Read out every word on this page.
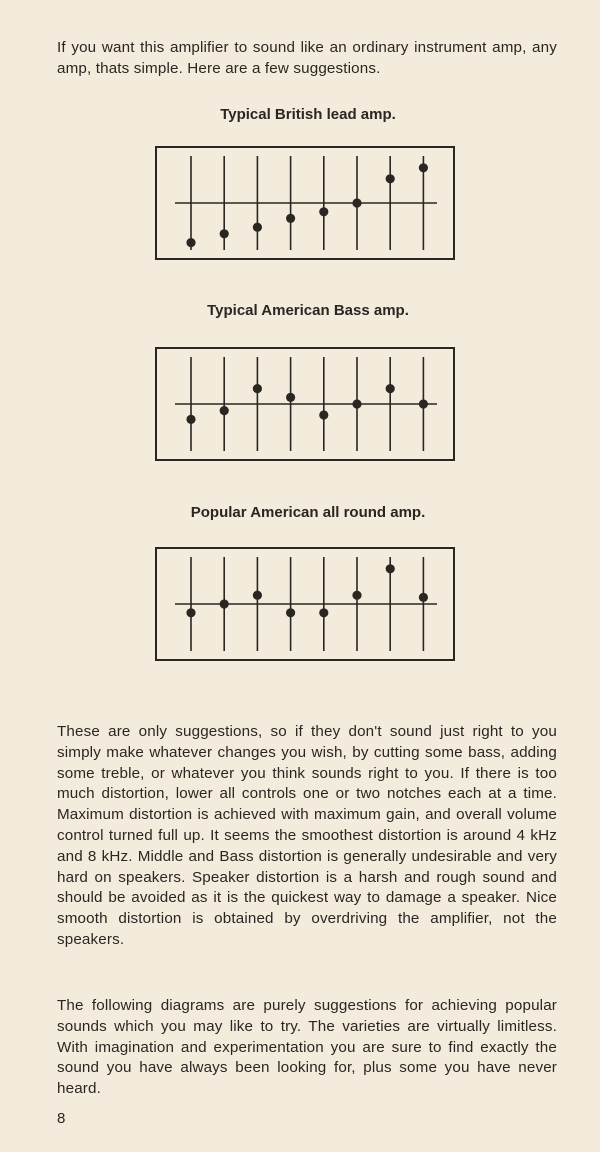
If you want this amplifier to sound like an ordinary instrument amp, any amp, thats simple. Here are a few suggestions.

Typical British lead amp.

Typical American Bass amp.

Popular American all round amp.

These are only suggestions, so if they don't sound just right to you simply make whatever changes you wish, by cutting some bass, adding some treble, or whatever you think sounds right to you. If there is too much distortion, lower all controls one or two notches each at a time. Maximum distortion is achieved with maximum gain, and overall volume control turned full up. It seems the smoothest distortion is around 4 kHz and 8 kHz. Middle and Bass distortion is generally undesirable and very hard on speakers. Speaker distortion is a harsh and rough sound and should be avoided as it is the quickest way to damage a speaker. Nice smooth distortion is obtained by overdriving the amplifier, not the speakers.

The following diagrams are purely suggestions for achieving popular sounds which you may like to try. The varieties are virtually limitless. With imagination and experimentation you are sure to find exactly the sound you have always been looking for, plus some you have never heard.

8
